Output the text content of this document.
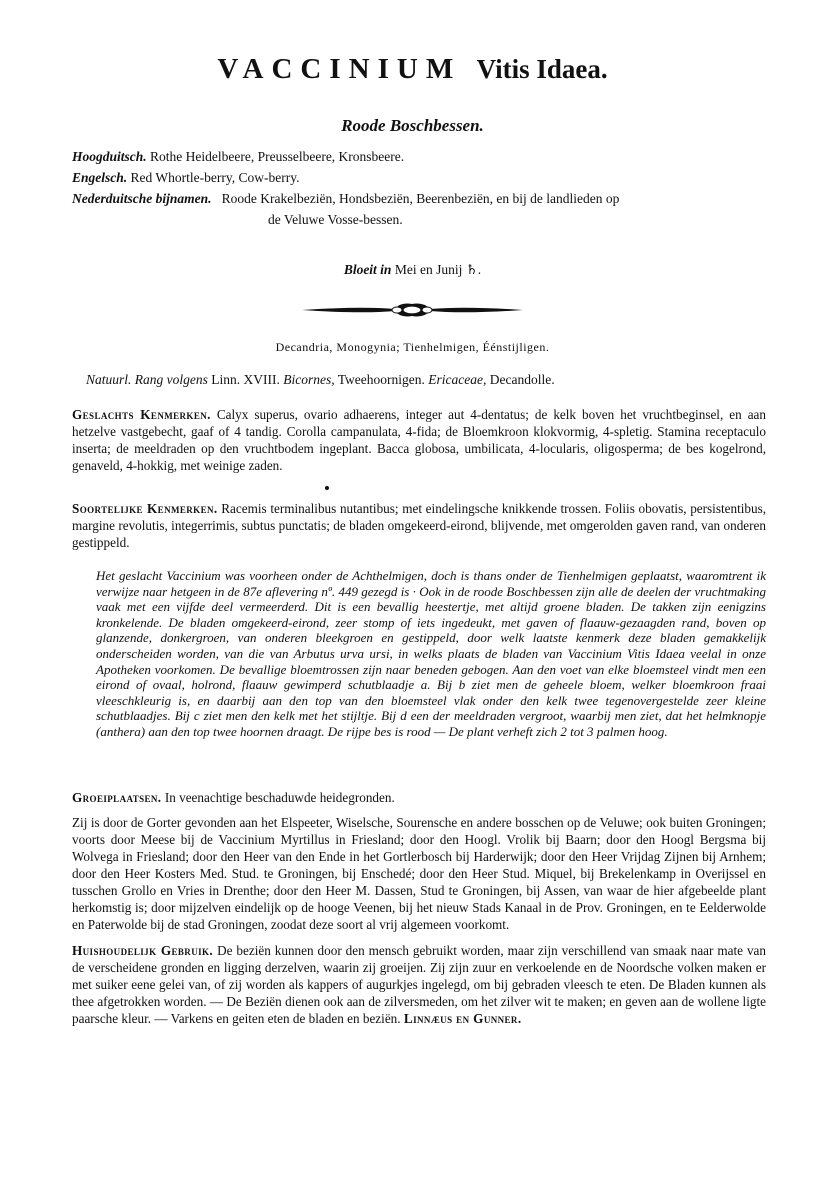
VACCINIUM Vitis Idaea.
Roode Boschbessen.
Hoogduitsch. Rothe Heidelbeere, Preusselbeere, Kronsbeere.
Engelsch. Red Whortle-berry, Cow-berry.
Nederduitsche bijnamen. Roode Krakelbeziën, Hondsbeziën, Beerenbeziën, en bij de landlieden op
de Veluwe Vosse-bessen.
Bloeit in Mei en Junij ♄.
Decandria, Monogynia; Tienhelmigen, Éénstijligen.
Natuurl. Rang volgens Linn. XVIII. Bicornes, Tweehoornigen. Ericaceae, Decandolle.
Geslachts Kenmerken. Calyx superus, ovario adhaerens, integer aut 4-dentatus; de kelk boven het vruchtbeginsel, en aan hetzelve vastgebecht, gaaf of 4 tandig. Corolla campanulata, 4-fida; de Bloemkroon klokvormig, 4-spletig. Stamina receptaculo inserta; de meeldraden op den vruchtbodem ingeplant. Bacca globosa, umbilicata, 4-locularis, oligosperma; de bes kogelrond, genaveld, 4-hokkig, met weinige zaden.
Soortelijke Kenmerken. Racemis terminalibus nutantibus; met eindelingsche knikkende trossen. Foliis obovatis, persistentibus, margine revolutis, integerrimis, subtus punctatis; de bladen omgekeerd-eirond, blijvende, met omgerolden gaven rand, van onderen gestippeld.
Het geslacht Vaccinium was voorheen onder de Achthelmigen, doch is thans onder de Tienhelmigen geplaatst, waaromtrent ik verwijze naar hetgeen in de 87e aflevering nº. 449 gezegd is · Ook in de roode Boschbessen zijn alle de deelen der vruchtmaking vaak met een vijfde deel vermeerderd. Dit is een bevallig heestertje, met altijd groene bladen. De takken zijn eenigzins kronkelende. De bladen omgekeerd-eirond, zeer stomp of iets ingedeukt, met gaven of flaauw-gezaagden rand, boven op glanzende, donkergroen, van onderen bleekgroen en gestippeld, door welk laatste kenmerk deze bladen gemakkelijk onderscheiden worden, van die van Arbutus urva ursi, in welks plaats de bladen van Vaccinium Vitis Idaea veelal in onze Apotheken voorkomen. De bevallige bloemtrossen zijn naar beneden gebogen. Aan den voet van elke bloemsteel vindt men een eirond of ovaal, holrond, flaauw gewimperd schutblaadje a. Bij b ziet men de geheele bloem, welker bloemkroon fraai vleeschkleurig is, en daarbij aan den top van den bloemsteel vlak onder den kelk twee tegenovergestelde zeer kleine schutblaadjes. Bij c ziet men den kelk met het stijltje. Bij d een der meeldraden vergroot, waarbij men ziet, dat het helmknopje (anthera) aan den top twee hoornen draagt. De rijpe bes is rood — De plant verheft zich 2 tot 3 palmen hoog.
Groeiplaatsen. In veenachtige beschaduwde heidegronden.
Zij is door de Gorter gevonden aan het Elspeeter, Wiselsche, Sourensche en andere bosschen op de Veluwe; ook buiten Groningen; voorts door Meese bij de Vaccinium Myrtillus in Friesland; door den Hoogl. Vrolik bij Baarn; door den Hoogl Bergsma bij Wolvega in Friesland; door den Heer van den Ende in het Gortlerbosch bij Harderwijk; door den Heer Vrijdag Zijnen bij Arnhem; door den Heer Kosters Med. Stud. te Groningen, bij Enschedé; door den Heer Stud. Miquel, bij Brekelenkamp in Overijssel en tusschen Grollo en Vries in Drenthe; door den Heer M. Dassen, Stud te Groningen, bij Assen, van waar de hier afgebeelde plant herkomstig is; door mijzelven eindelijk op de hooge Veenen, bij het nieuw Stads Kanaal in de Prov. Groningen, en te Eelderwolde en Paterwolde bij de stad Groningen, zoodat deze soort al vrij algemeen voorkomt.
Huishoudelijk Gebruik. De beziën kunnen door den mensch gebruikt worden, maar zijn verschillend van smaak naar mate van de verscheidene gronden en ligging derzelven, waarin zij groeijen. Zij zijn zuur en verkoelende en de Noordsche volken maken er met suiker eene gelei van, of zij worden als kappers of augurkjes ingelegd, om bij gebraden vleesch te eten. De Bladen kunnen als thee afgetrokken worden. — De Beziën dienen ook aan de zilversmeden, om het zilver wit te maken; en geven aan de wollene ligte paarsche kleur. — Varkens en geiten eten de bladen en beziën. Linnæus en Gunner.
